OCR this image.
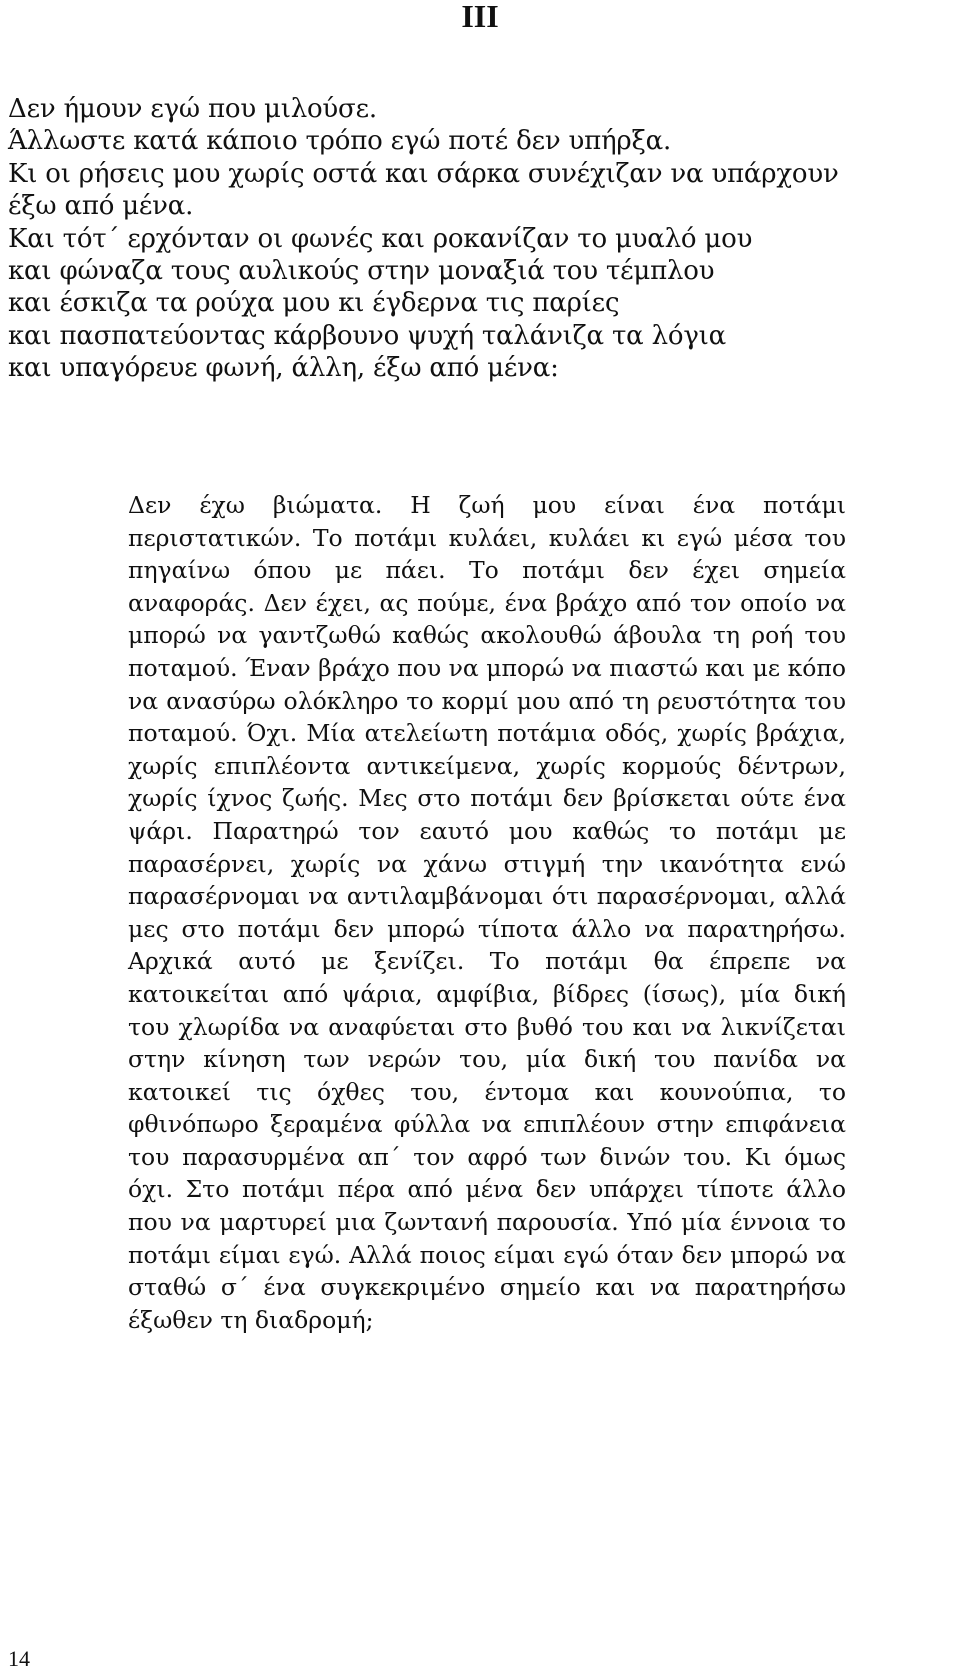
III
Δεν ήμουν εγώ που μιλούσε.
Άλλωστε κατά κάποιο τρόπο εγώ ποτέ δεν υπήρξα.
Κι οι ρήσεις μου χωρίς οστά και σάρκα συνέχιζαν να υπάρχουν
έξω από μένα.
Και τότ΄ ερχόνταν οι φωνές και ροκανίζαν το μυαλό μου
και φώναζα τους αυλικούς στην μοναξιά του τέμπλου
και έσκιζα τα ρούχα μου κι έγδερνα τις παρίες
και πασπατεύοντας κάρβουνο ψυχή ταλάνιζα τα λόγια
και υπαγόρευε φωνή, άλλη, έξω από μένα:

Δεν έχω βιώματα. Η ζωή μου είναι ένα ποτάμι περιστατικών. Το ποτάμι κυλάει, κυλάει κι εγώ μέσα του πηγαίνω όπου με πάει. Το ποτάμι δεν έχει σημεία αναφοράς. Δεν έχει, ας πούμε, ένα βράχο από τον οποίο να μπορώ να γαντζωθώ καθώς ακολουθώ άβουλα τη ροή του ποταμού. Έναν βράχο που να μπορώ να πιαστώ και με κόπο να ανασύρω ολόκληρο το κορμί μου από τη ρευστότητα του ποταμού. Όχι. Μία ατελείωτη ποτάμια οδός, χωρίς βράχια, χωρίς επιπλέοντα αντικείμενα, χωρίς κορμούς δέντρων, χωρίς ίχνος ζωής. Μες στο ποτάμι δεν βρίσκεται ούτε ένα ψάρι. Παρατηρώ τον εαυτό μου καθώς το ποτάμι με παρασέρνει, χωρίς να χάνω στιγμή την ικανότητα ενώ παρασέρνομαι να αντιλαμβάνομαι ότι παρασέρνομαι, αλλά μες στο ποτάμι δεν μπορώ τίποτα άλλο να παρατηρήσω. Αρχικά αυτό με ξενίζει. Το ποτάμι θα έπρεπε να κατοικείται από ψάρια, αμφίβια, βίδρες (ίσως), μία δική του χλωρίδα να αναφύεται στο βυθό του και να λικνίζεται στην κίνηση των νερών του, μία δική του πανίδα να κατοικεί τις όχθες του, έντομα και κουνούπια, το φθινόπωρο ξεραμένα φύλλα να επιπλέουν στην επιφάνεια του παρασυρμένα απ΄ τον αφρό των δινών του. Κι όμως όχι. Στο ποτάμι πέρα από μένα δεν υπάρχει τίποτε άλλο που να μαρτυρεί μια ζωντανή παρουσία. Υπό μία έννοια το ποτάμι είμαι εγώ. Αλλά ποιος είμαι εγώ όταν δεν μπορώ να σταθώ σ΄ ένα συγκεκριμένο σημείο και να παρατηρήσω έξωθεν τη διαδρομή;

14
